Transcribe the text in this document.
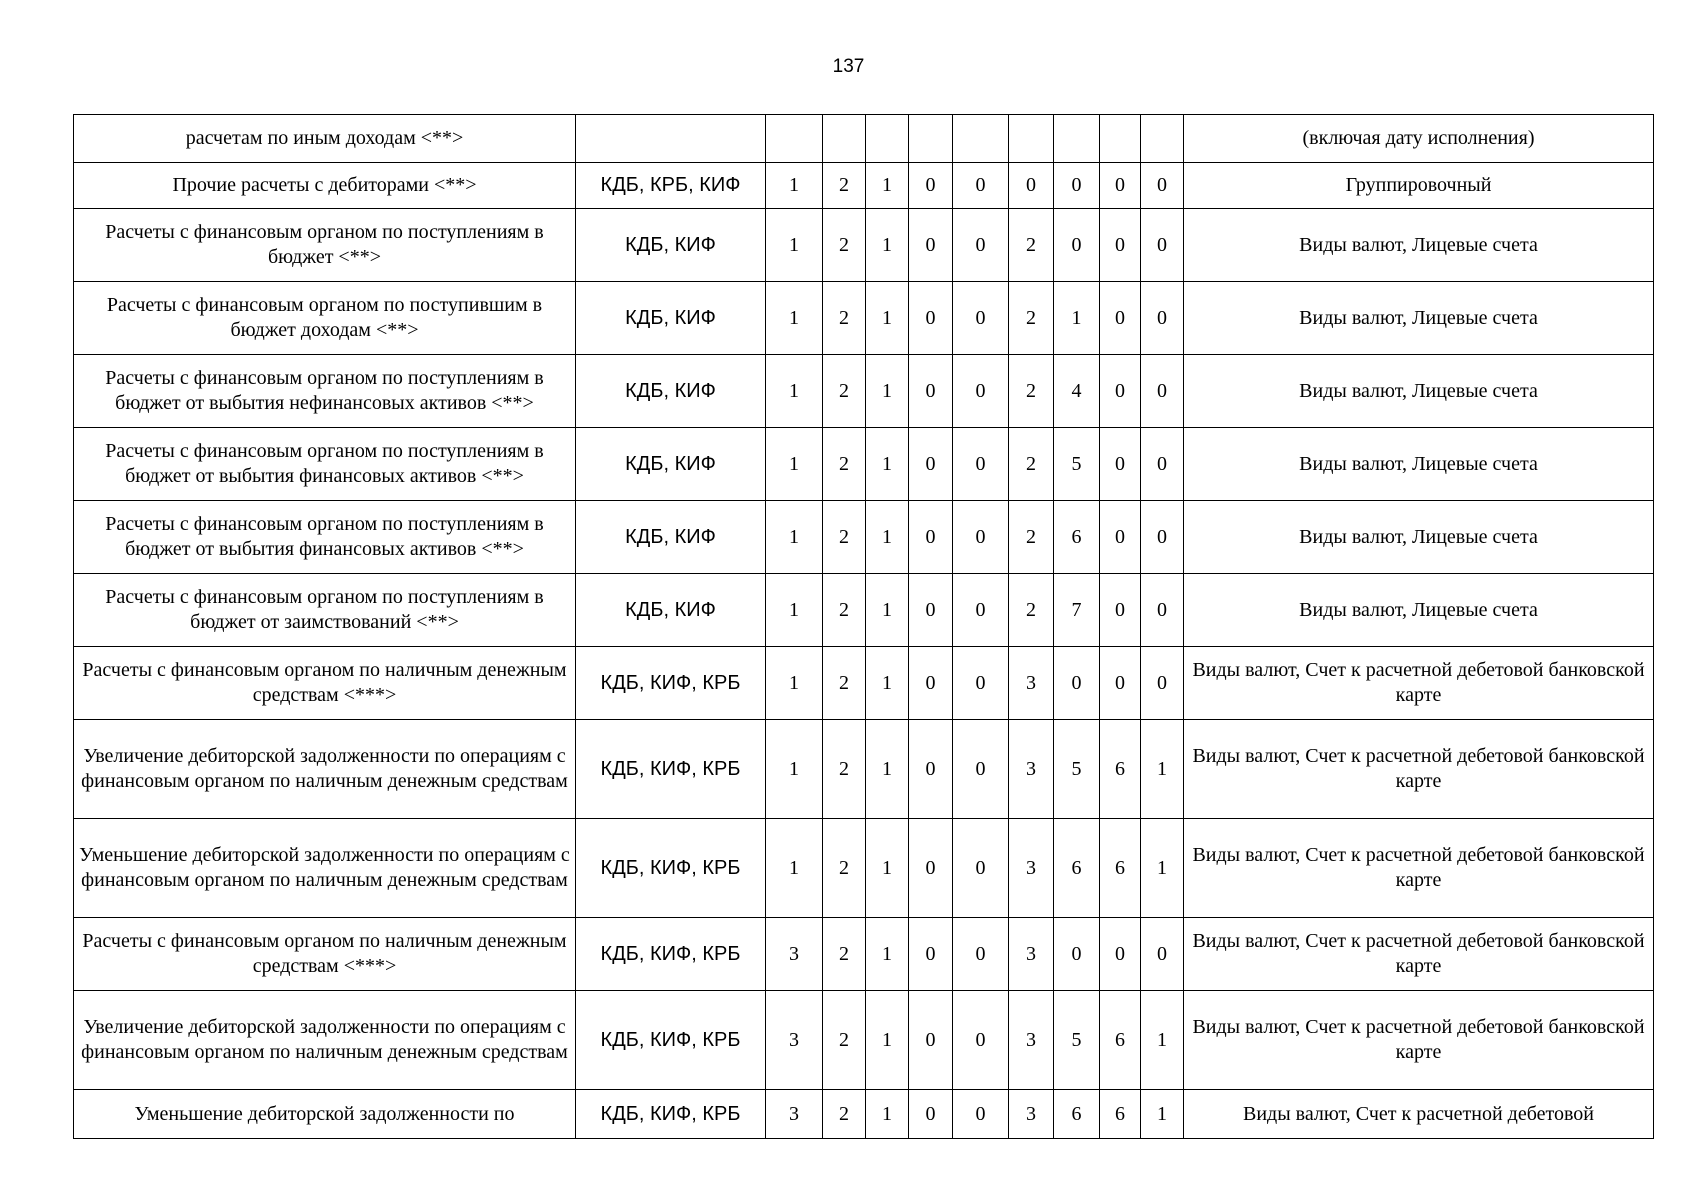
137
расчетам по иным доходам <**>											(включая дату исполнения)
Прочие расчеты с дебиторами <**>	КДБ, КРБ, КИФ	1	2	1	0	0	0	0	0	0	Группировочный
Расчеты с финансовым органом по поступлениям в бюджет <**>	КДБ, КИФ	1	2	1	0	0	2	0	0	0	Виды валют, Лицевые счета
Расчеты с финансовым органом по поступившим в бюджет доходам <**>	КДБ, КИФ	1	2	1	0	0	2	1	0	0	Виды валют, Лицевые счета
Расчеты с финансовым органом по поступлениям в бюджет от выбытия нефинансовых активов <**>	КДБ, КИФ	1	2	1	0	0	2	4	0	0	Виды валют, Лицевые счета
Расчеты с финансовым органом по поступлениям в бюджет от выбытия финансовых активов <**>	КДБ, КИФ	1	2	1	0	0	2	5	0	0	Виды валют, Лицевые счета
Расчеты с финансовым органом по поступлениям в бюджет от выбытия финансовых активов <**>	КДБ, КИФ	1	2	1	0	0	2	6	0	0	Виды валют, Лицевые счета
Расчеты с финансовым органом по поступлениям в бюджет от заимствований <**>	КДБ, КИФ	1	2	1	0	0	2	7	0	0	Виды валют, Лицевые счета
Расчеты с финансовым органом по наличным денежным средствам <***>	КДБ, КИФ, КРБ	1	2	1	0	0	3	0	0	0	Виды валют, Счет к расчетной дебетовой банковской карте
Увеличение дебиторской задолженности по операциям с финансовым органом по наличным денежным средствам	КДБ, КИФ, КРБ	1	2	1	0	0	3	5	6	1	Виды валют, Счет к расчетной дебетовой банковской карте
Уменьшение дебиторской задолженности по операциям с финансовым органом по наличным денежным средствам	КДБ, КИФ, КРБ	1	2	1	0	0	3	6	6	1	Виды валют, Счет к расчетной дебетовой банковской карте
Расчеты с финансовым органом по наличным денежным средствам <***>	КДБ, КИФ, КРБ	3	2	1	0	0	3	0	0	0	Виды валют, Счет к расчетной дебетовой банковской карте
Увеличение дебиторской задолженности по операциям с финансовым органом по наличным денежным средствам	КДБ, КИФ, КРБ	3	2	1	0	0	3	5	6	1	Виды валют, Счет к расчетной дебетовой банковской карте
Уменьшение дебиторской задолженности по	КДБ, КИФ, КРБ	3	2	1	0	0	3	6	6	1	Виды валют, Счет к расчетной дебетовой
